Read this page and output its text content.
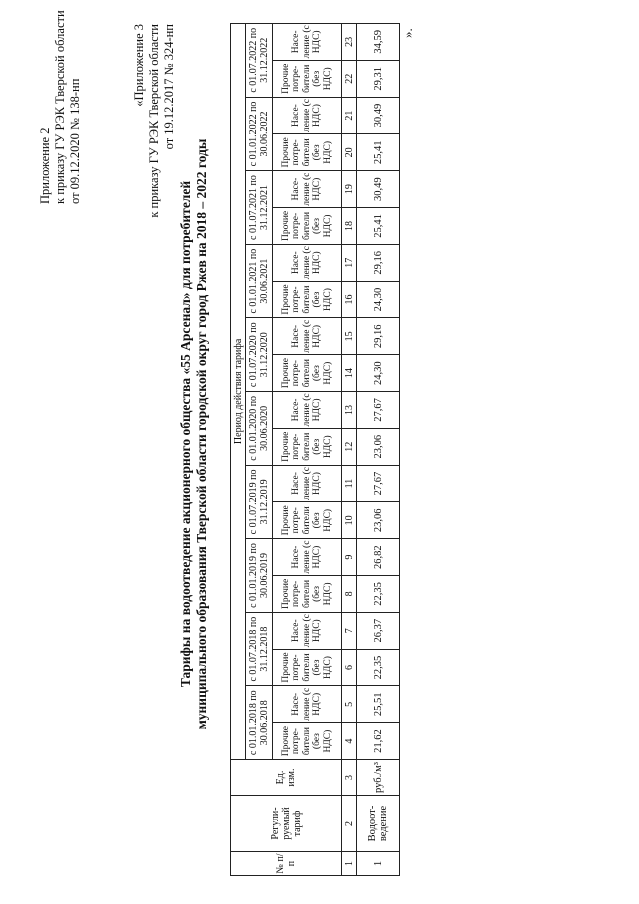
Приложение 2 к приказу ГУ РЭК Тверской области от 09.12.2020 № 138-нп
«Приложение 3 к приказу ГУ РЭК Тверской области от 19.12.2017 № 324-нп
Тарифы на водоотведение акционерного общества «55 Арсенал» для потребителей муниципального образования Тверской области городской округ город Ржев на 2018 – 2022 годы
№ п/п	Регули-руемый тариф	Ед. изм.	Период действия тарифа																			
			с 01.01.2018 по 30.06.2018		с 01.07.2018 по 31.12.2018		с 01.01.2019 по 30.06.2019		с 01.07.2019 по 31.12.2019		с 01.01.2020 по 30.06.2020		с 01.07.2020 по 31.12.2020		с 01.01.2021 по 30.06.2021		с 01.07.2021 по 31.12.2021		с 01.01.2022 по 30.06.2022		с 01.07.2022 по 31.12.2022	
			Прочие потре-бители (без НДС)	Насе-ление (с НДС)	Прочие потре-бители (без НДС)	Насе-ление (с НДС)	Прочие потре-бители (без НДС)	Насе-ление (с НДС)	Прочие потре-бители (без НДС)	Насе-ление (с НДС)	Прочие потре-бители (без НДС)	Насе-ление (с НДС)	Прочие потре-бители (без НДС)	Насе-ление (с НДС)	Прочие потре-бители (без НДС)	Насе-ление (с НДС)	Прочие потре-бители (без НДС)	Насе-ление (с НДС)	Прочие потре-бители (без НДС)	Насе-ление (с НДС)	Прочие потре-бители (без НДС)	Насе-ление (с НДС)
1	2	3	4	5	6	7	8	9	10	11	12	13	14	15	16	17	18	19	20	21	22	23
1	Водоот-ведение	руб./м³	21,62	25,51	22,35	26,37	22,35	26,82	23,06	27,67	23,06	27,67	24,30	29,16	24,30	29,16	25,41	30,49	25,41	30,49	29,31	34,59 ».
